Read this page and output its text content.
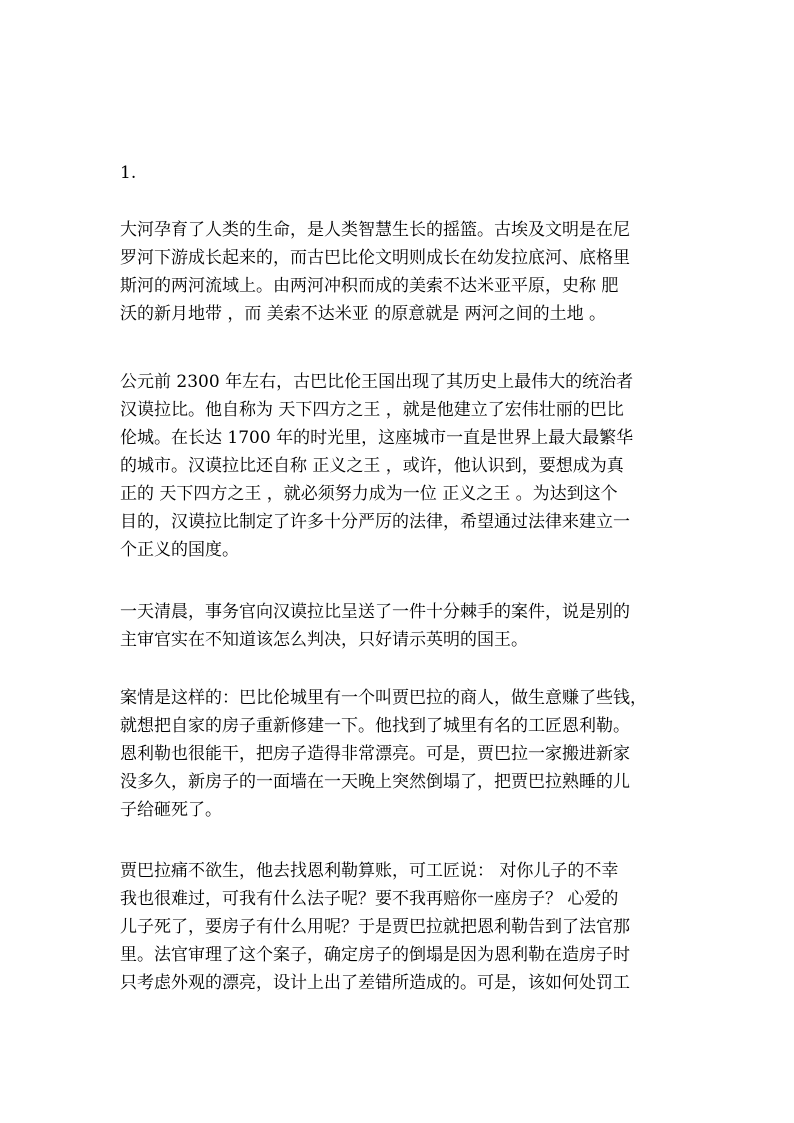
1.
大河孕育了人类的生命，是人类智慧生长的摇篮。古埃及文明是在尼
罗河下游成长起来的，而古巴比伦文明则成长在幼发拉底河、底格里
斯河的两河流域上。由两河冲积而成的美索不达米亚平原，史称 肥
沃的新月地带 ，而 美索不达米亚 的原意就是 两河之间的土地 。
公元前 2300 年左右，古巴比伦王国出现了其历史上最伟大的统治者
汉谟拉比。他自称为 天下四方之王 ，就是他建立了宏伟壮丽的巴比
伦城。在长达 1700 年的时光里，这座城市一直是世界上最大最繁华
的城市。汉谟拉比还自称 正义之王 ，或许，他认识到，要想成为真
正的 天下四方之王 ，就必须努力成为一位 正义之王 。为达到这个
目的，汉谟拉比制定了许多十分严厉的法律，希望通过法律来建立一
个正义的国度。
一天清晨，事务官向汉谟拉比呈送了一件十分棘手的案件，说是别的
主审官实在不知道该怎么判决，只好请示英明的国王。
案情是这样的：巴比伦城里有一个叫贾巴拉的商人，做生意赚了些钱，
就想把自家的房子重新修建一下。他找到了城里有名的工匠恩利勒。
恩利勒也很能干，把房子造得非常漂亮。可是，贾巴拉一家搬进新家
没多久，新房子的一面墙在一天晚上突然倒塌了，把贾巴拉熟睡的儿
子给砸死了。
贾巴拉痛不欲生，他去找恩利勒算账，可工匠说： 对你儿子的不幸
我也很难过，可我有什么法子呢？要不我再赔你一座房子？ 心爱的
儿子死了，要房子有什么用呢？于是贾巴拉就把恩利勒告到了法官那
里。法官审理了这个案子，确定房子的倒塌是因为恩利勒在造房子时
只考虑外观的漂亮，设计上出了差错所造成的。可是，该如何处罚工
